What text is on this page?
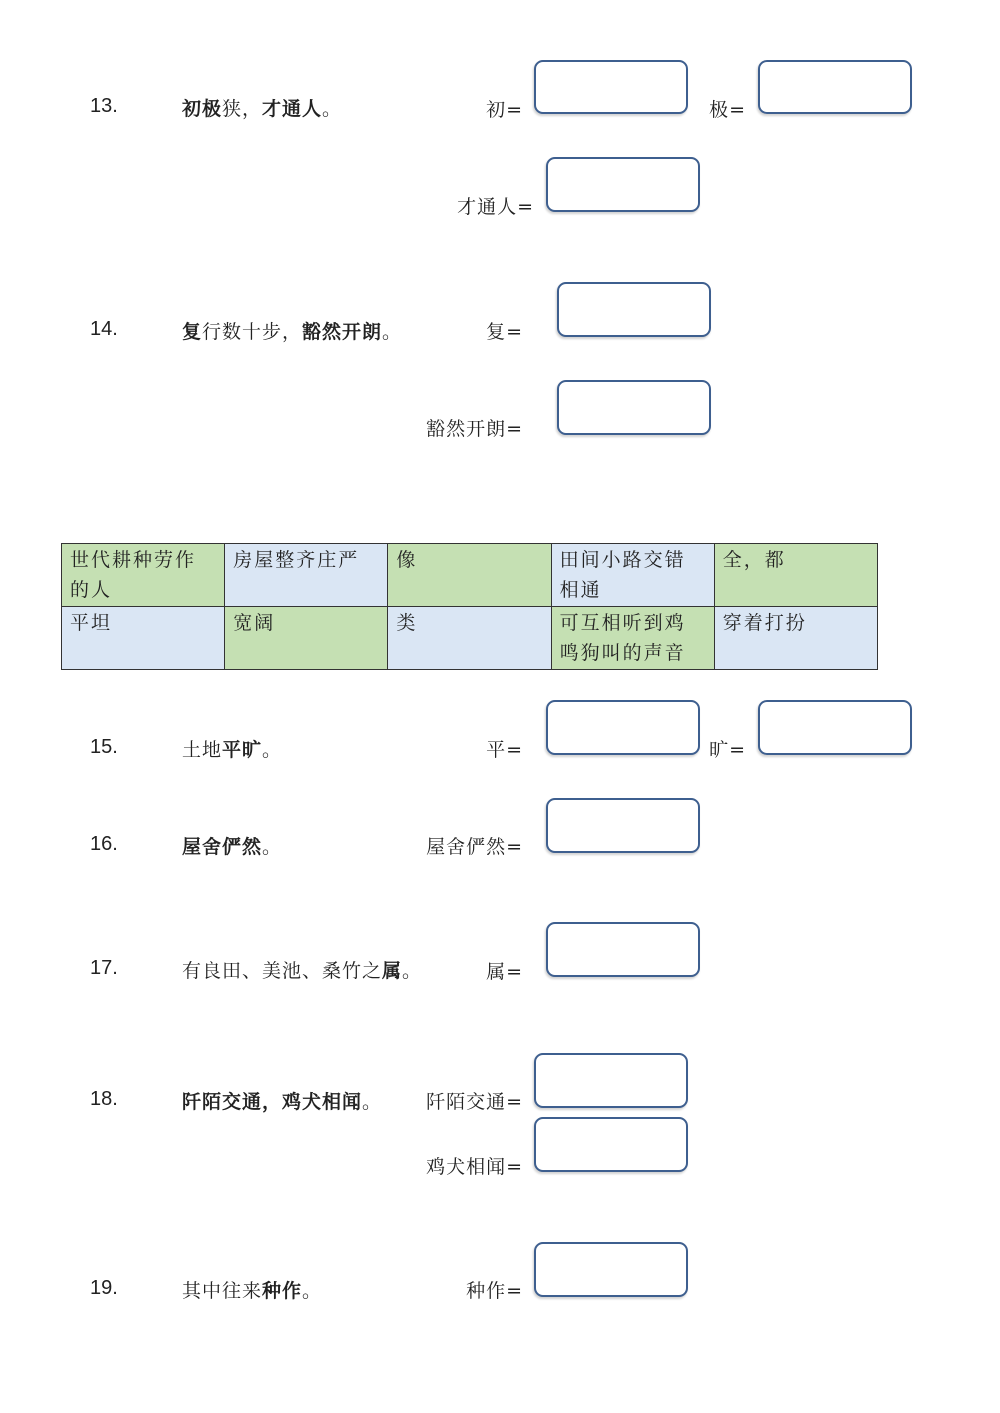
13.	初极狭，才通人。	初=	极=
才通人=
14.	复行数十步，豁然开朗。	复=
豁然开朗=
世代耕种劳作的人	房屋整齐庄严	像	田间小路交错相通	全，都
平坦	宽阔	类	可互相听到鸡鸣狗叫的声音	穿着打扮
15.	土地平旷。	平=	旷=
16.	屋舍俨然。	屋舍俨然=
17.	有良田、美池、桑竹之属。	属=
18.	阡陌交通，鸡犬相闻。 阡陌交通=
鸡犬相闻=
19.	其中往来种作。	种作=
